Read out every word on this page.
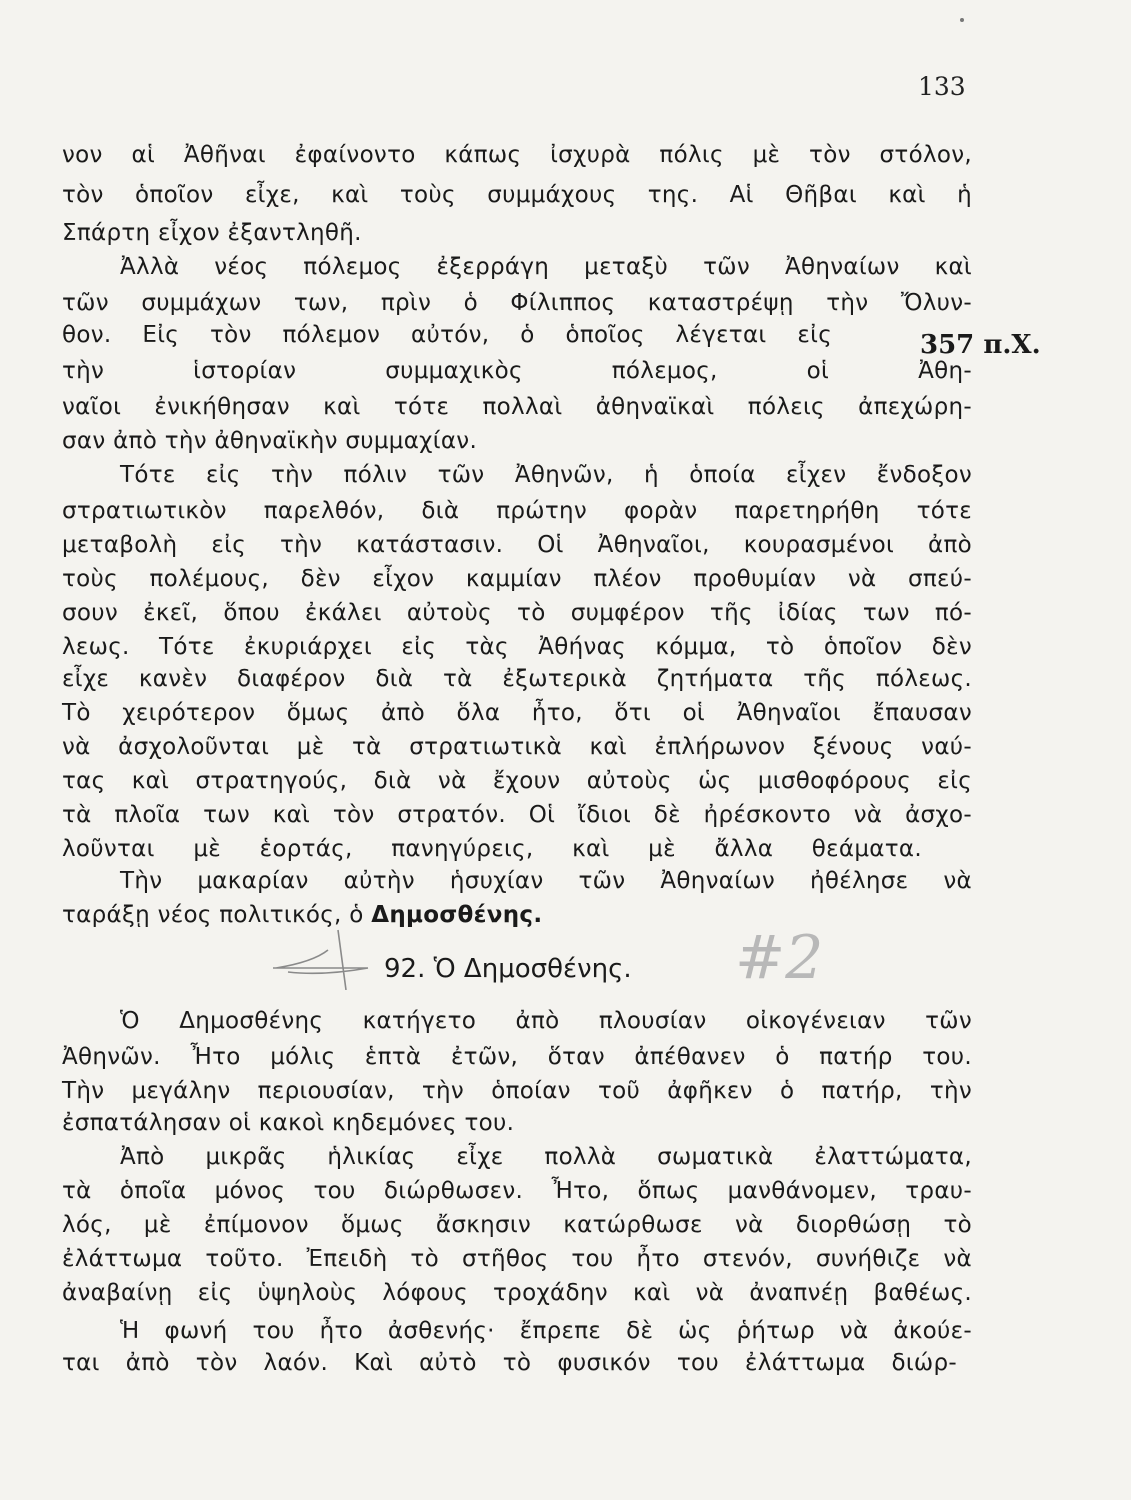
133
νον αἱ Ἀθῆναι ἐφαίνοντο κάπως ἰσχυρὰ πόλις μὲ τὸν στόλον,
τὸν ὁποῖον εἶχε, καὶ τοὺς συμμάχους της. Αἱ Θῆβαι καὶ ἡ
Σπάρτη εἶχον ἐξαντληθῆ.
Ἀλλὰ νέος πόλεμος ἐξερράγη μεταξὺ τῶν Ἀθηναίων καὶ
τῶν συμμάχων των, πρὶν ὁ Φίλιππος καταστρέψῃ τὴν Ὄλυν-
θον. Εἰς τὸν πόλεμον αὐτόν, ὁ ὁποῖος λέγεται εἰς
τὴν ἱστορίαν συμμαχικὸς πόλεμος, οἱ Ἀθη-
ναῖοι ἐνικήθησαν καὶ τότε πολλαὶ ἀθηναϊκαὶ πόλεις ἀπεχώρη-
σαν ἀπὸ τὴν ἀθηναϊκὴν συμμαχίαν.
Τότε εἰς τὴν πόλιν τῶν Ἀθηνῶν, ἡ ὁποία εἶχεν ἔνδοξον
στρατιωτικὸν παρελθόν, διὰ πρώτην φορὰν παρετηρήθη τότε
μεταβολὴ εἰς τὴν κατάστασιν. Οἱ Ἀθηναῖοι, κουρασμένοι ἀπὸ
τοὺς πολέμους, δὲν εἶχον καμμίαν πλέον προθυμίαν νὰ σπεύ-
σουν ἐκεῖ, ὅπου ἐκάλει αὐτοὺς τὸ συμφέρον τῆς ἰδίας των πό-
λεως. Τότε ἐκυριάρχει εἰς τὰς Ἀθήνας κόμμα, τὸ ὁποῖον δὲν
εἶχε κανὲν διαφέρον διὰ τὰ ἐξωτερικὰ ζητήματα τῆς πόλεως.
Τὸ χειρότερον ὅμως ἀπὸ ὅλα ἦτο, ὅτι οἱ Ἀθηναῖοι ἔπαυσαν
νὰ ἀσχολοῦνται μὲ τὰ στρατιωτικὰ καὶ ἐπλήρωνον ξένους ναύ-
τας καὶ στρατηγούς, διὰ νὰ ἔχουν αὐτοὺς ὡς μισθοφόρους εἰς
τὰ πλοῖα των καὶ τὸν στρατόν. Οἱ ἴδιοι δὲ ἠρέσκοντο νὰ ἀσχο-
λοῦνται μὲ ἑορτάς, πανηγύρεις, καὶ μὲ ἄλλα θεάματα.
Τὴν μακαρίαν αὐτὴν ἡσυχίαν τῶν Ἀθηναίων ἠθέλησε νὰ
ταράξῃ νέος πολιτικός, ὁ Δημοσθένης.
Ὁ Δημοσθένης κατήγετο ἀπὸ πλουσίαν οἰκογένειαν τῶν
Ἀθηνῶν. Ἦτο μόλις ἑπτὰ ἐτῶν, ὅταν ἀπέθανεν ὁ πατήρ του.
Τὴν μεγάλην περιουσίαν, τὴν ὁποίαν τοῦ ἀφῆκεν ὁ πατήρ, τὴν
ἐσπατάλησαν οἱ κακοὶ κηδεμόνες του.
Ἀπὸ μικρᾶς ἡλικίας εἶχε πολλὰ σωματικὰ ἐλαττώματα,
τὰ ὁποῖα μόνος του διώρθωσεν. Ἦτο, ὅπως μανθάνομεν, τραυ-
λός, μὲ ἐπίμονον ὅμως ἄσκησιν κατώρθωσε νὰ διορθώσῃ τὸ
ἐλάττωμα τοῦτο. Ἐπειδὴ τὸ στῆθος του ἦτο στενόν, συνήθιζε νὰ
ἀναβαίνῃ εἰς ὑψηλοὺς λόφους τροχάδην καὶ νὰ ἀναπνέῃ βαθέως.
Ἡ φωνή του ἦτο ἀσθενής· ἔπρεπε δὲ ὡς ῥήτωρ νὰ ἀκούε-
ται ἀπὸ τὸν λαόν. Καὶ αὐτὸ τὸ φυσικόν του ἐλάττωμα διώρ-
357 π.Χ.
92. Ὁ Δημοσθένης. #2
